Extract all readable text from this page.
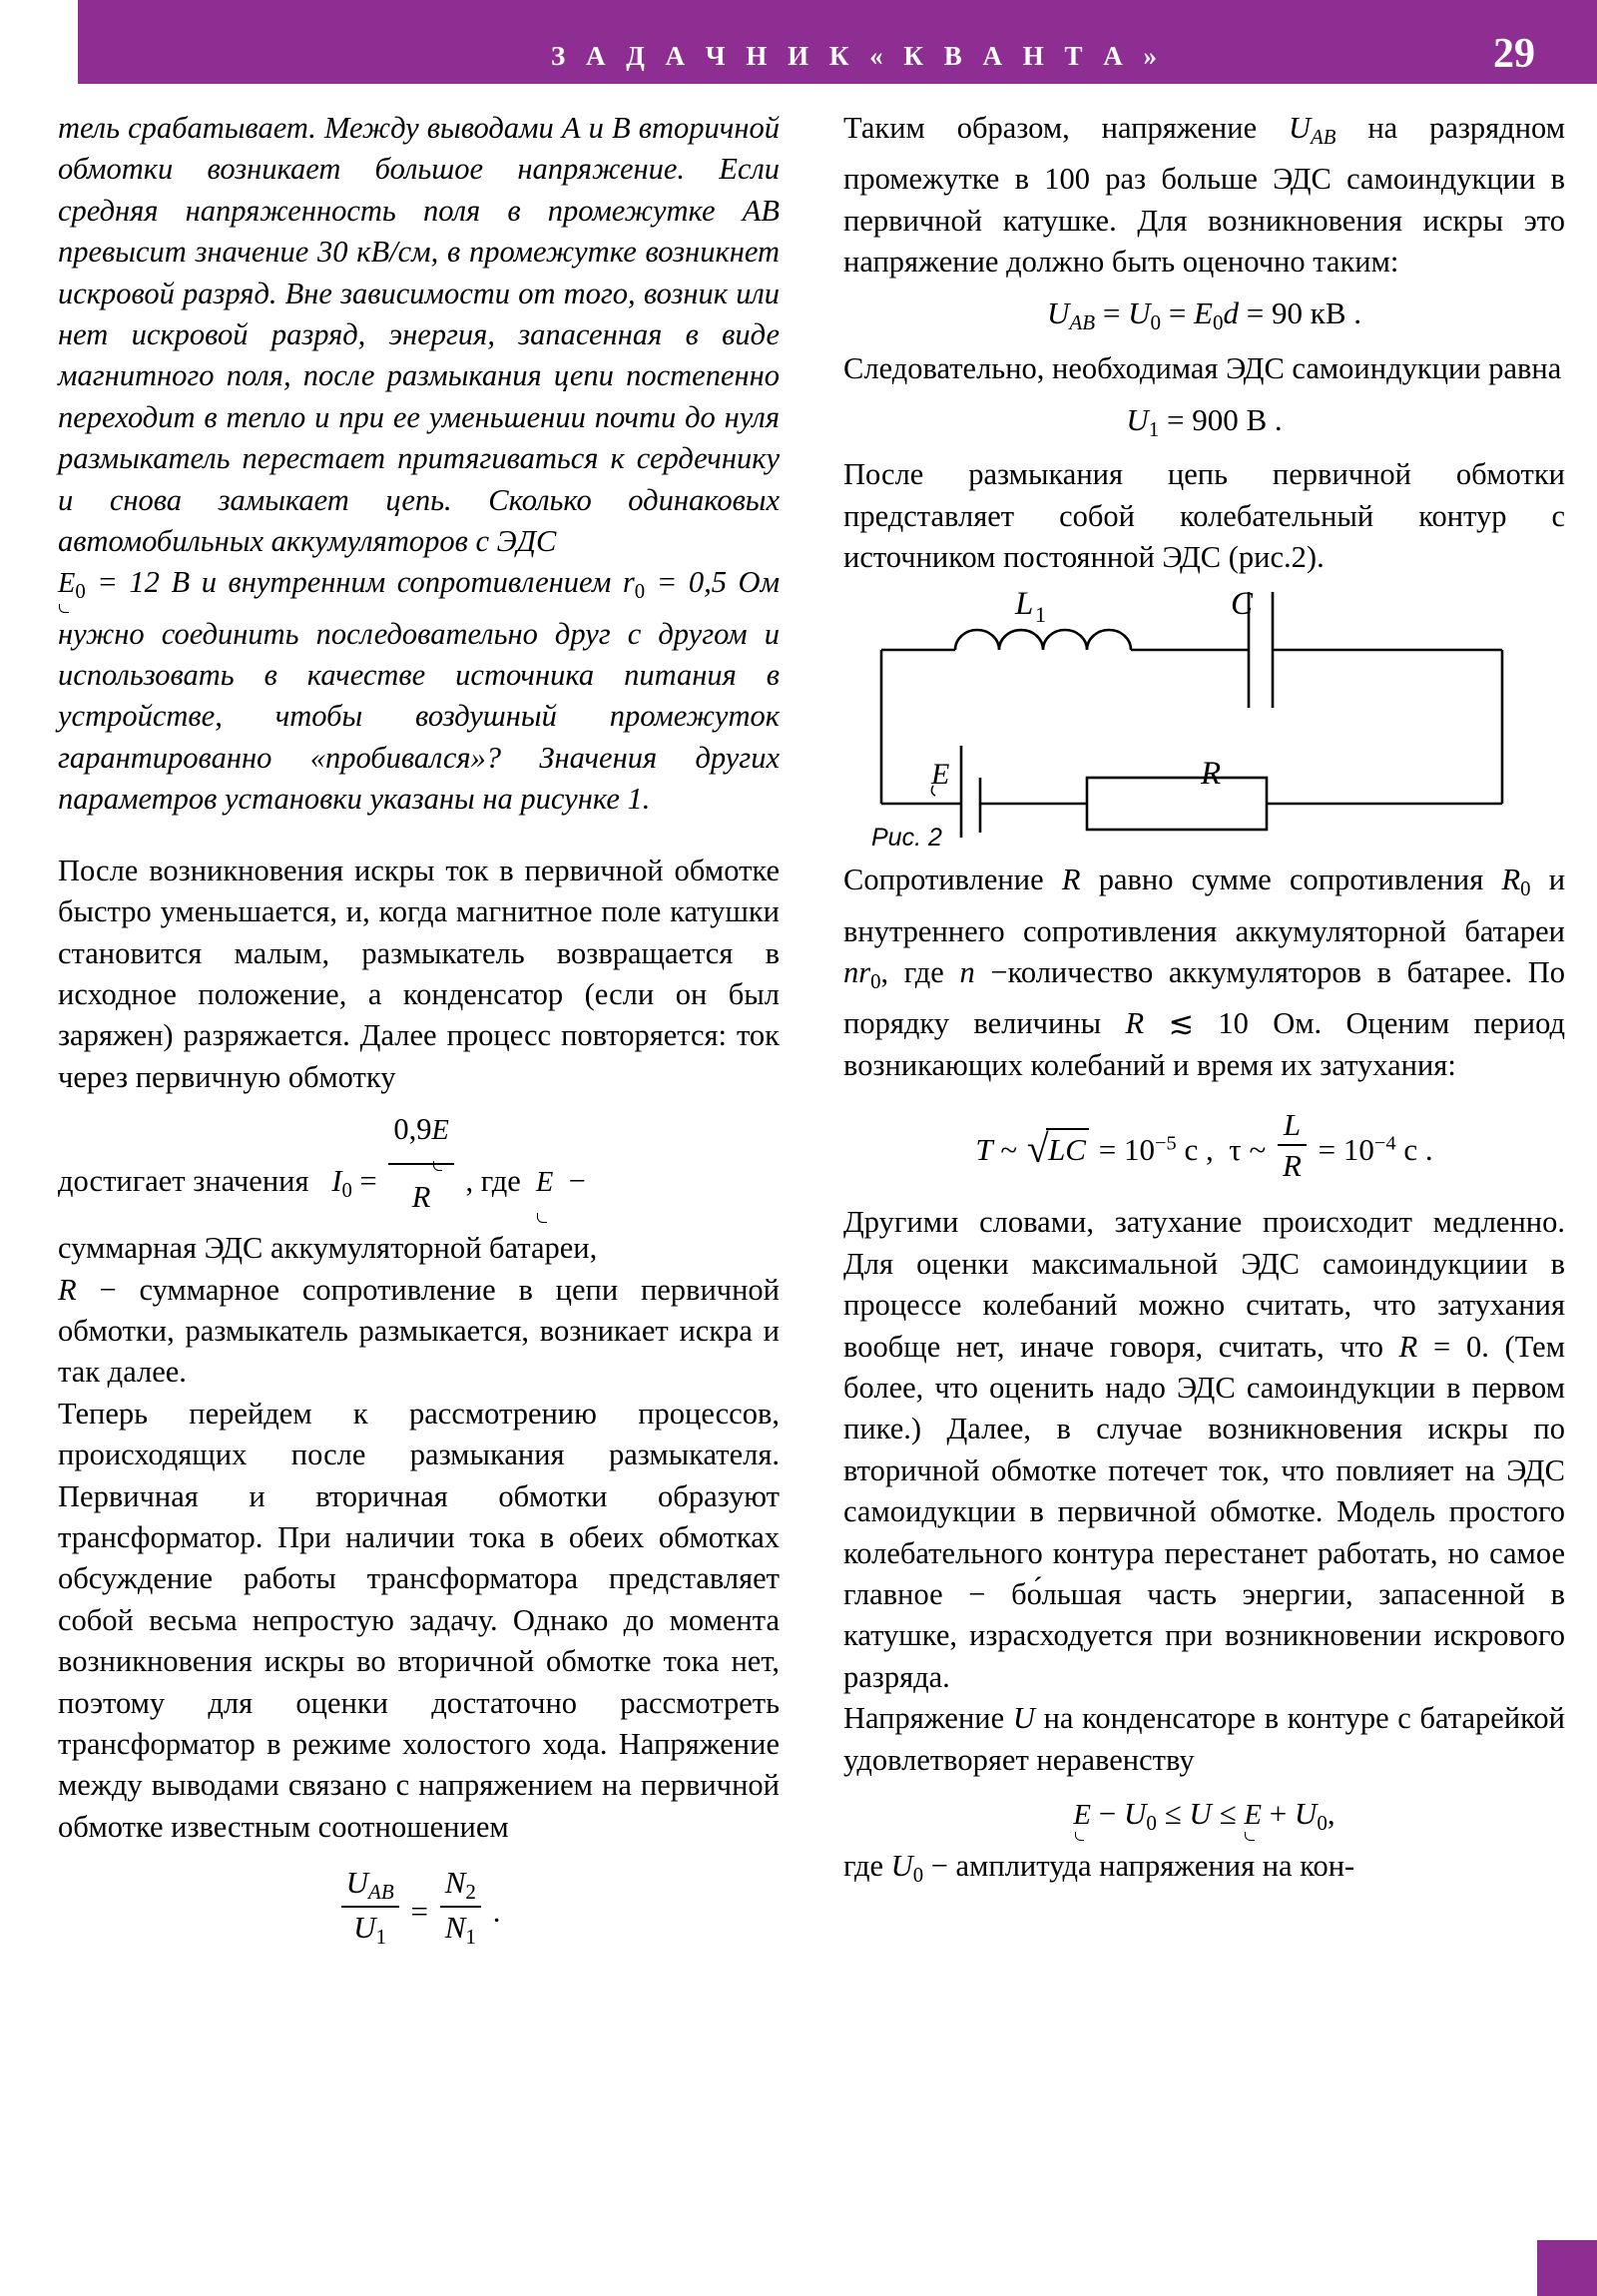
З А Д А Ч Н И К « К В А Н Т А »	29

тель срабатывает. Между выводами А и В вторичной обмотки возникает большое напряжение. Если средняя напряженность поля в промежутке АВ превысит значение 30 кВ/см, в промежутке возникнет искровой разряд. Вне зависимости от того, возник или нет искровой разряд, энергия, запасенная в виде магнитного поля, после размыкания цепи постепенно переходит в тепло и при ее уменьшении почти до нуля размыкатель перестает притягиваться к сердечнику и снова замыкает цепь. Сколько одинаковых автомобильных аккумуляторов с ЭДС

$E_0 = 12$ В и внутренним сопротивлением $r_0 = 0,5$ Ом нужно соединить последовательно друг с другом и использовать в качестве источника питания в устройстве, чтобы воздушный промежуток гарантированно «пробивался»? Значения других параметров установки указаны на рисунке 1.

После возникновения искры ток в первичной обмотке быстро уменьшается, и, когда магнитное поле катушки становится малым, размыкатель возвращается в исходное положение, а конденсатор (если он был заряжен) разряжается. Далее процесс повторяется: ток через первичную обмотку

достигает значения $I_0 = \frac{0,9E}{R}$ , где E −

суммарная ЭДС аккумуляторной батареи,

R − суммарное сопротивление в цепи первичной обмотки, размыкатель размыкается, возникает искра и так далее.

Теперь перейдем к рассмотрению процессов, происходящих после размыкания размыкателя. Первичная и вторичная обмотки образуют трансформатор. При наличии тока в обеих обмотках обсуждение работы трансформатора представляет собой весьма непростую задачу. Однако до момента возникновения искры во вторичной обмотке тока нет, поэтому для оценки достаточно рассмотреть трансформатор в режиме холостого хода. Напряжение между выводами связано с напряжением на первичной обмотке известным соотношением

$\frac{U_{AB}}{U_1} = \frac{N_2}{N_1}$ .

Таким образом, напряжение $U_{AB}$ на разрядном промежутке в 100 раз больше ЭДС самоиндукции в первичной катушке. Для возникновения искры это напряжение должно быть оценочно таким:

$U_{AB} = U_0 = E_0d = 90$ кВ .

Следовательно, необходимая ЭДС самоиндукции равна

$U_1 = 900$ В .

После размыкания цепь первичной обмотки представляет собой колебательный контур с источником постоянной ЭДС (рис.2).

L 1	C
R
E
Рис. 2

Сопротивление R равно сумме сопротивления $R_0$ и внутреннего сопротивления аккумуляторной батареи $nr_0$, где n −количество аккумуляторов в батарее. По порядку величины R ≲ 10 Ом. Оценим период возникающих колебаний и время их затухания:

T ~ √ LC = $10^{-5}$ c ,  τ ~ $\frac{L}{R} = 10^{-4}$ c .

Другими словами, затухание происходит медленно. Для оценки максимальной ЭДС самоиндукциии в процессе колебаний можно считать, что затухания вообще нет, иначе говоря, считать, что R = 0. (Тем более, что оценить надо ЭДС самоиндукции в первом пике.) Далее, в случае возникновения искры по вторичной обмотке потечет ток, что повлияет на ЭДС самоидукции в первичной обмотке. Модель простого колебательного контура перестанет работать, но самое главное − бо́льшая часть энергии, запасенной в катушке, израсходуется при возникновении искрового разряда.

Напряжение U на конденсаторе в контуре с батарейкой удовлетворяет неравенству

$E - U_0 \le U \le E + U_0$,

где $U_0$ − амплитуда напряжения на кон-
